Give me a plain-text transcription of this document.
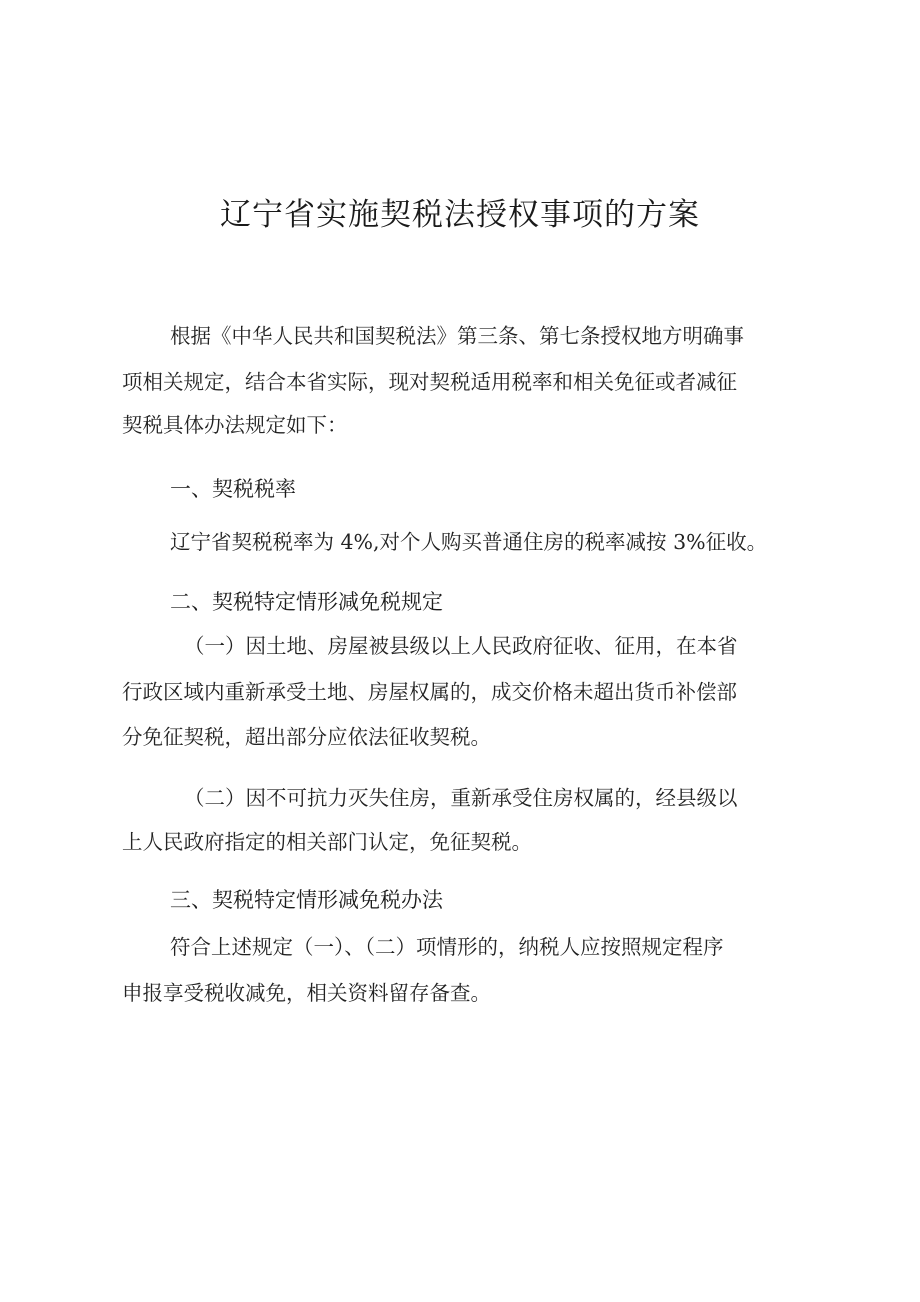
辽宁省实施契税法授权事项的方案
根据《中华人民共和国契税法》第三条、第七条授权地方明确事
项相关规定，结合本省实际，现对契税适用税率和相关免征或者减征
契税具体办法规定如下：
一、契税税率
辽宁省契税税率为 4%,对个人购买普通住房的税率减按 3%征收。
二、契税特定情形减免税规定
（一）因土地、房屋被县级以上人民政府征收、征用，在本省
行政区域内重新承受土地、房屋权属的，成交价格未超出货币补偿部
分免征契税，超出部分应依法征收契税。
（二）因不可抗力灭失住房，重新承受住房权属的，经县级以
上人民政府指定的相关部门认定，免征契税。
三、契税特定情形减免税办法
符合上述规定（一）、（二）项情形的，纳税人应按照规定程序
申报享受税收减免，相关资料留存备查。
